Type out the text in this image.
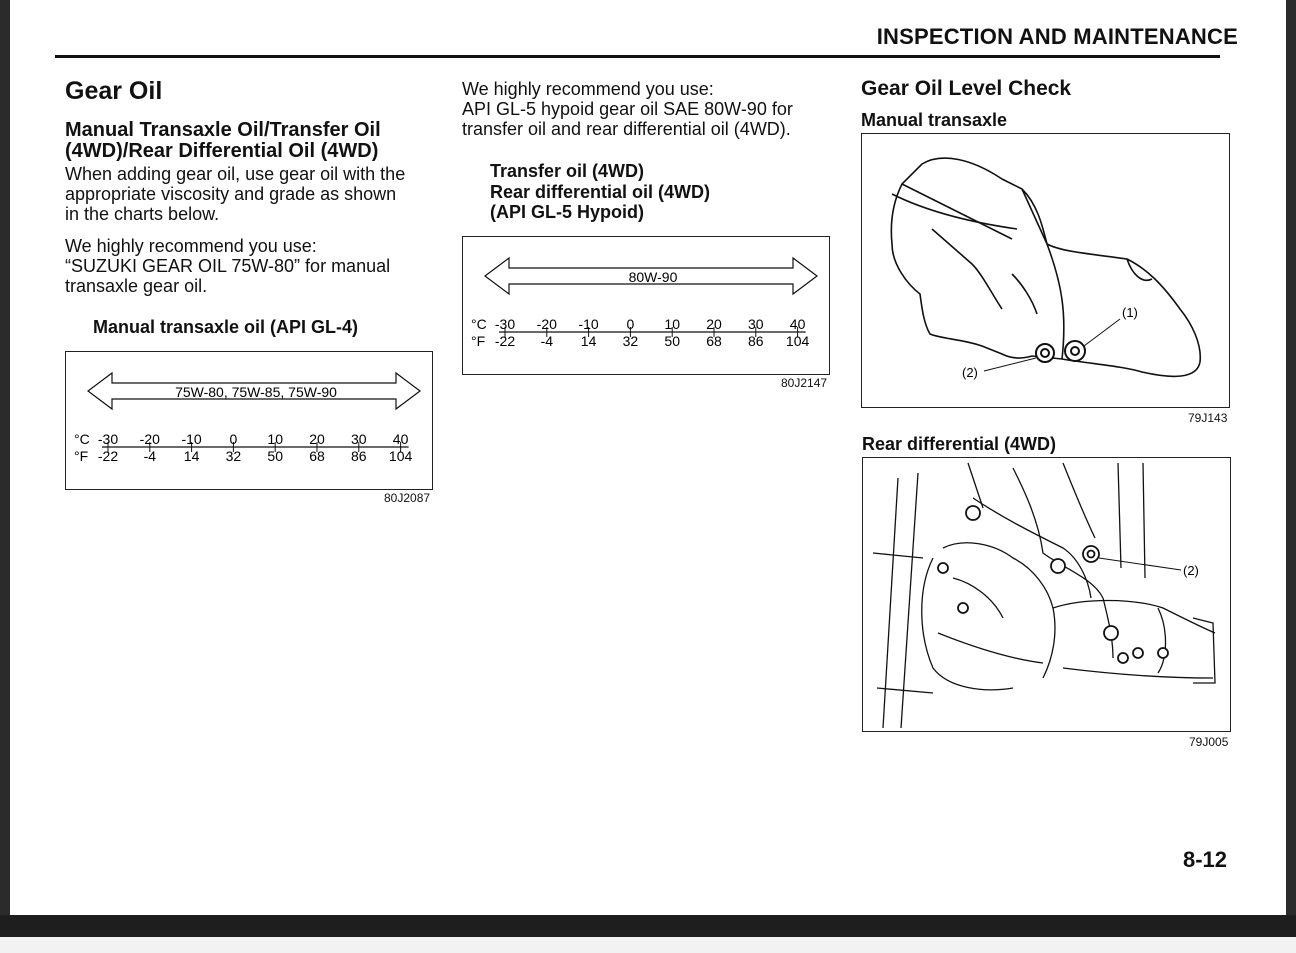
INSPECTION AND MAINTENANCE
Gear Oil
Manual Transaxle Oil/Transfer Oil
(4WD)/Rear Differential Oil (4WD)
When adding gear oil, use gear oil with the
appropriate viscosity and grade as shown
in the charts below.
We highly recommend you use:
“SUZUKI GEAR OIL 75W-80” for manual
transaxle gear oil.
Manual transaxle oil (API GL-4)
75W-80, 75W-85, 75W-90
°C
°F
-30
-22
-20
-4
-10
14
0
32
10
50
20
68
30
86
40
104
80J2087
We highly recommend you use:
API GL-5 hypoid gear oil SAE 80W-90 for
transfer oil and rear differential oil (4WD).
Transfer oil (4WD)
Rear differential oil (4WD)
(API GL-5 Hypoid)
80W-90
°C
°F
-30
-22
-20
-4
-10
14
0
32
10
50
20
68
30
86
40
104
80J2147
Gear Oil Level Check
Manual transaxle
(2)
(1)
79J143
Rear differential (4WD)
(2)
79J005
8-12
